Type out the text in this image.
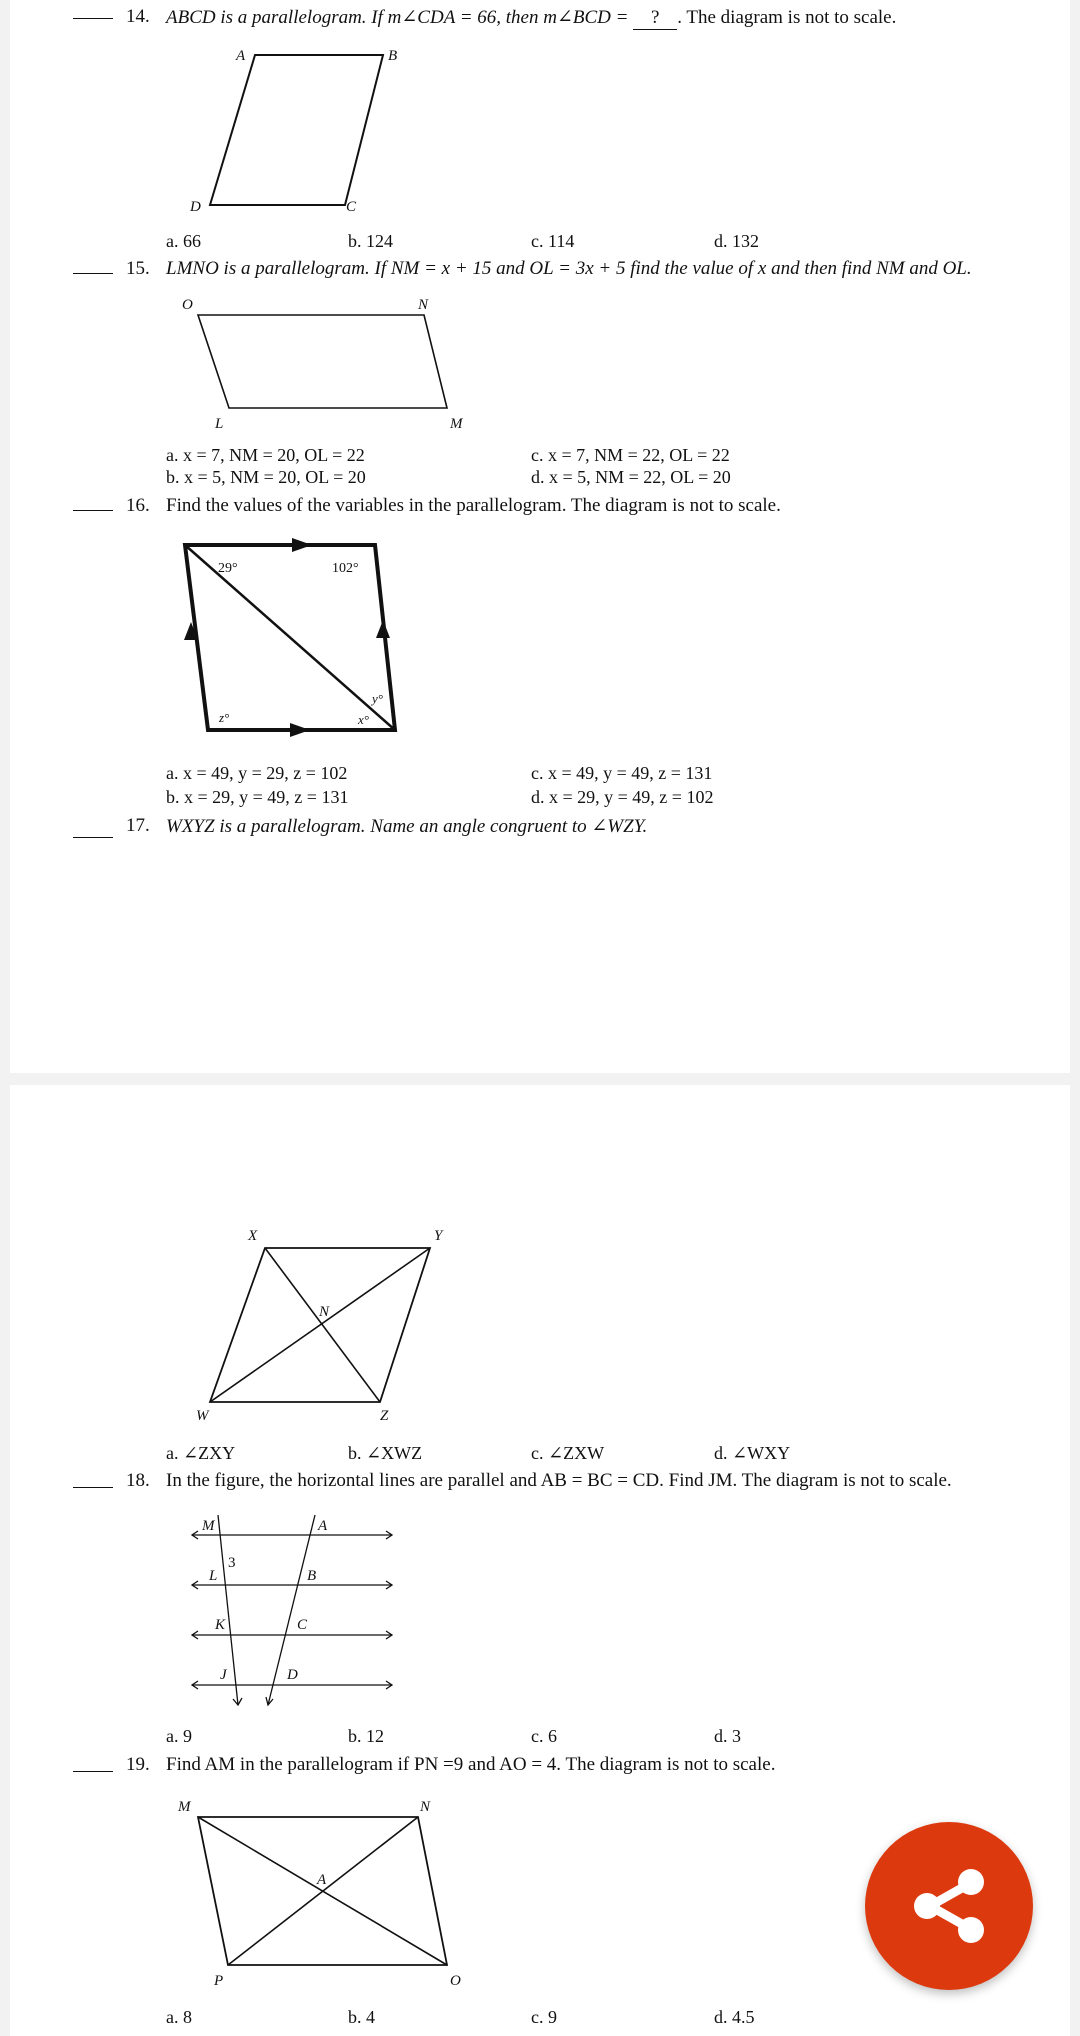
14. ABCD is a parallelogram. If m∠CDA = 66, then m∠BCD = ? . The diagram is not to scale.
A	B
C
D
a. 66	b. 124	c. 114	d. 132
15. LMNO is a parallelogram. If NM = x + 15 and OL = 3x + 5 find the value of x and then find NM and OL.
O	N
L	M
a. x = 7, NM = 20, OL = 22
b. x = 5, NM = 20, OL = 20
c. x = 7, NM = 22, OL = 22
d. x = 5, NM = 22, OL = 20
16. Find the values of the variables in the parallelogram. The diagram is not to scale.
29°	102°
y°
x°
z°
a. x = 49, y = 29, z = 102
b. x = 29, y = 49, z = 131
c. x = 49, y = 49, z = 131
d. x = 29, y = 49, z = 102
17. WXYZ is a parallelogram. Name an angle congruent to ∠WZY.
X	Y
N
W	Z
a. ∠ZXY	b. ∠XWZ	c. ∠ZXW	d. ∠WXY
18. In the figure, the horizontal lines are parallel and AB = BC = CD. Find JM. The diagram is not to scale.
M	A
L
3
B
K	C
J	D
a. 9	b. 12	c. 6	d. 3
19. Find AM in the parallelogram if PN =9 and AO = 4. The diagram is not to scale.
M	N
A
P	O
a. 8	b. 4	c. 9	d. 4.5
